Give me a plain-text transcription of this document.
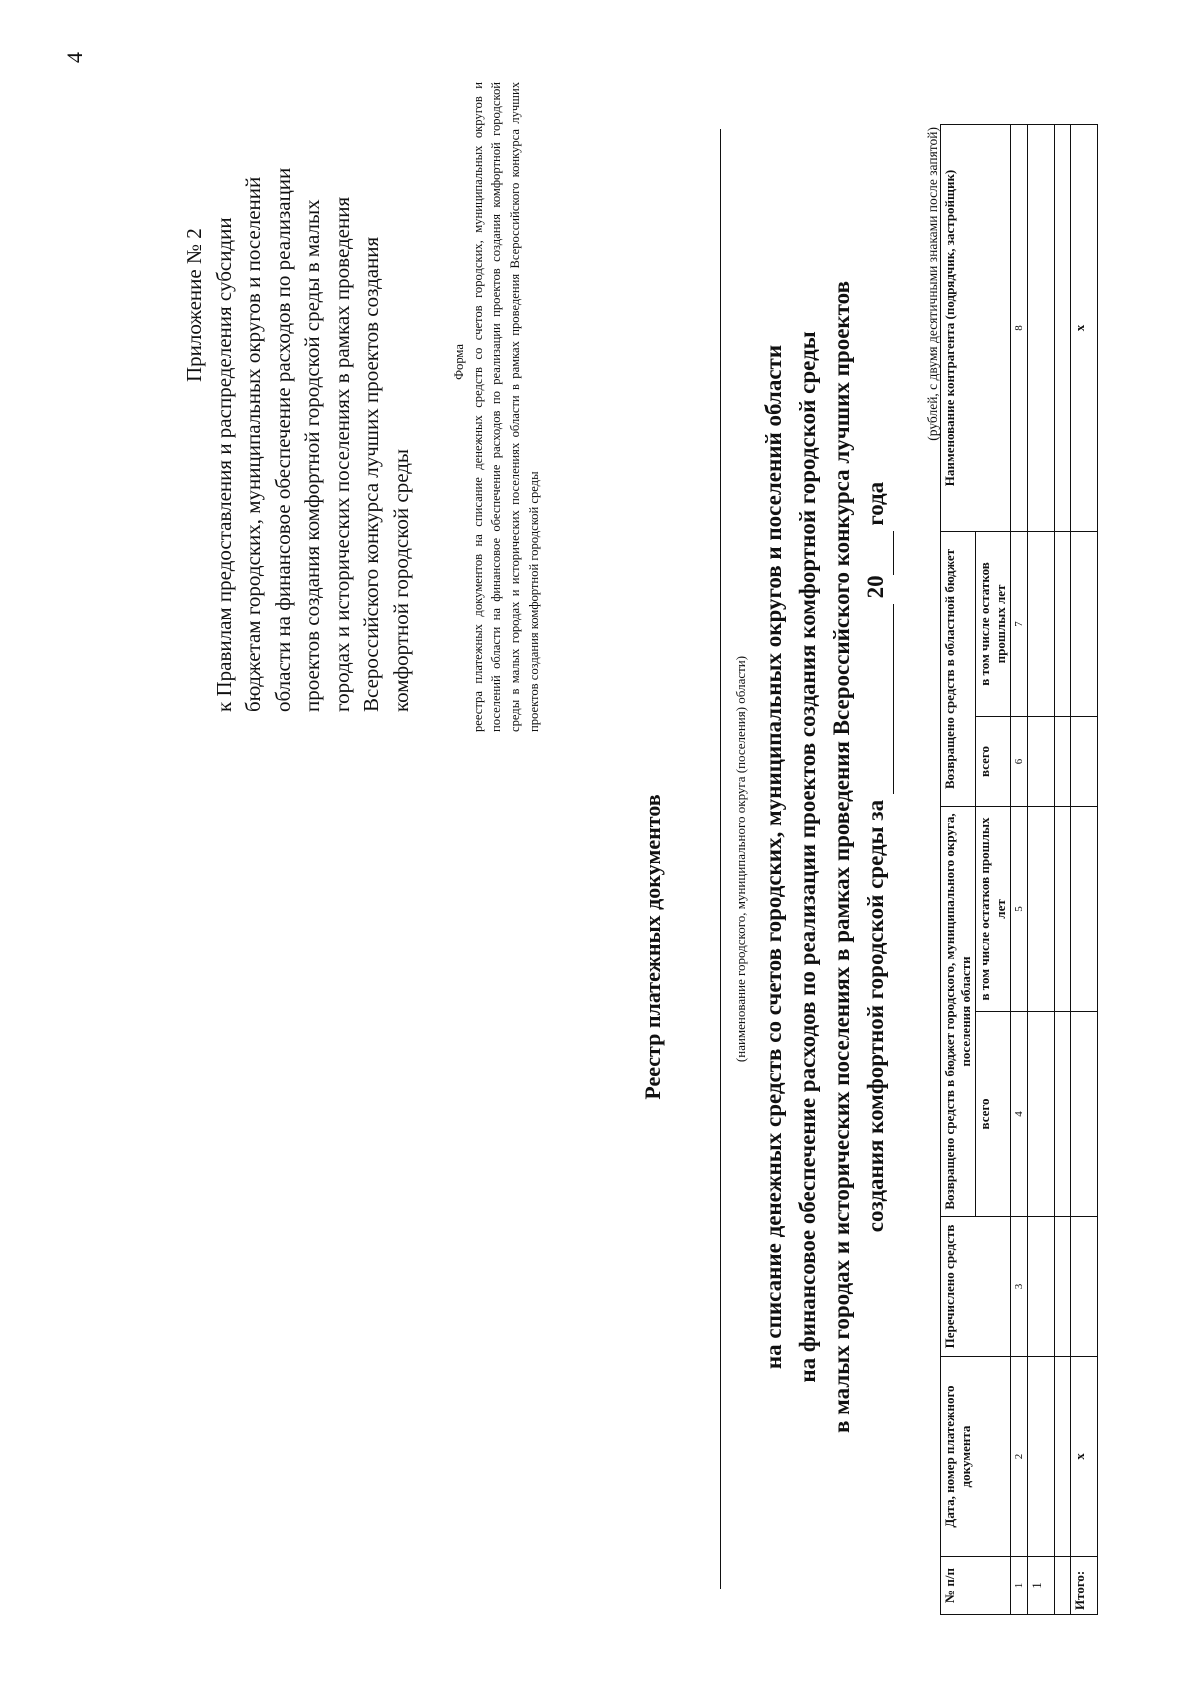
4
Приложение № 2 к Правилам предоставления и распределения субсидии бюджетам городских, муниципальных округов и поселений области на финансовое обеспечение расходов по реализации проектов создания комфортной городской среды в малых городах и исторических поселениях в рамках проведения Всероссийского конкурса лучших проектов создания комфортной городской среды
Форма реестра платежных документов на списание денежных средств со счетов городских, муниципальных округов и поселений области на финансовое обеспечение расходов по реализации проектов создания комфортной городской среды в малых городах и исторических поселениях области в рамках проведения Всероссийского конкурса лучших проектов создания комфортной городской среды
Реестр платежных документов	(наименование городского, муниципального округа (поселения) области) на списание денежных средств со счетов городских, муниципальных округов и поселений области на финансовое обеспечение расходов по реализации проектов создания комфортной городской среды в малых городах и исторических поселениях в рамках проведения Всероссийского конкурса лучших проектов создания комфортной городской среды за   20  года
(рублей, с двумя десятичными знаками после запятой)
№ п/п	Дата, номер платежного документа	Перечислено средств	Возвращено средств в бюджет городского, муниципального округа, поселения области		Возвращено средств в областной бюджет		Наименование контрагента (подрядчик, застройщик)
			всего	в том числе остатков прошлых лет	всего	в том числе остатков прошлых лет	
1	2	3	4	5	6	7	8
1							

Итого:	х						х
